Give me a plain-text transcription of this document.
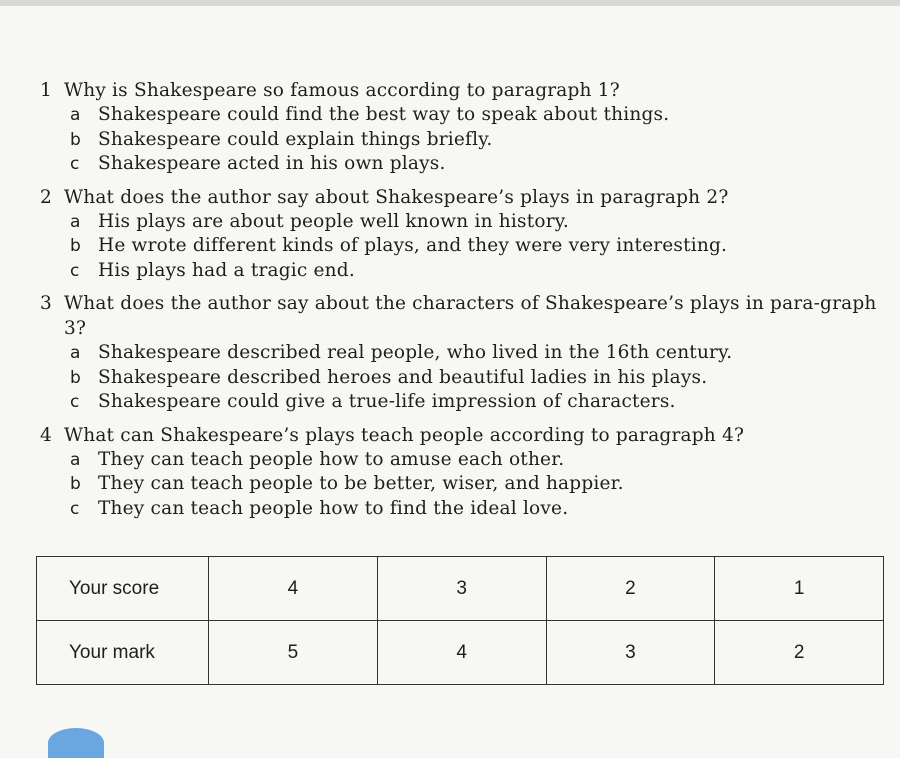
1 Why is Shakespeare so famous according to paragraph 1?
a Shakespeare could find the best way to speak about things.
b Shakespeare could explain things briefly.
c Shakespeare acted in his own plays.
2 What does the author say about Shakespeare’s plays in paragraph 2?
a His plays are about people well known in history.
b He wrote different kinds of plays, and they were very interesting.
c His plays had a tragic end.
3 What does the author say about the characters of Shakespeare’s plays in para-graph 3?
a Shakespeare described real people, who lived in the 16th century.
b Shakespeare described heroes and beautiful ladies in his plays.
c Shakespeare could give a true-life impression of characters.
4 What can Shakespeare’s plays teach people according to paragraph 4?
a They can teach people how to amuse each other.
b They can teach people to be better, wiser, and happier.
c They can teach people how to find the ideal love.
Your score	4	3	2	1
Your mark	5	4	3	2
